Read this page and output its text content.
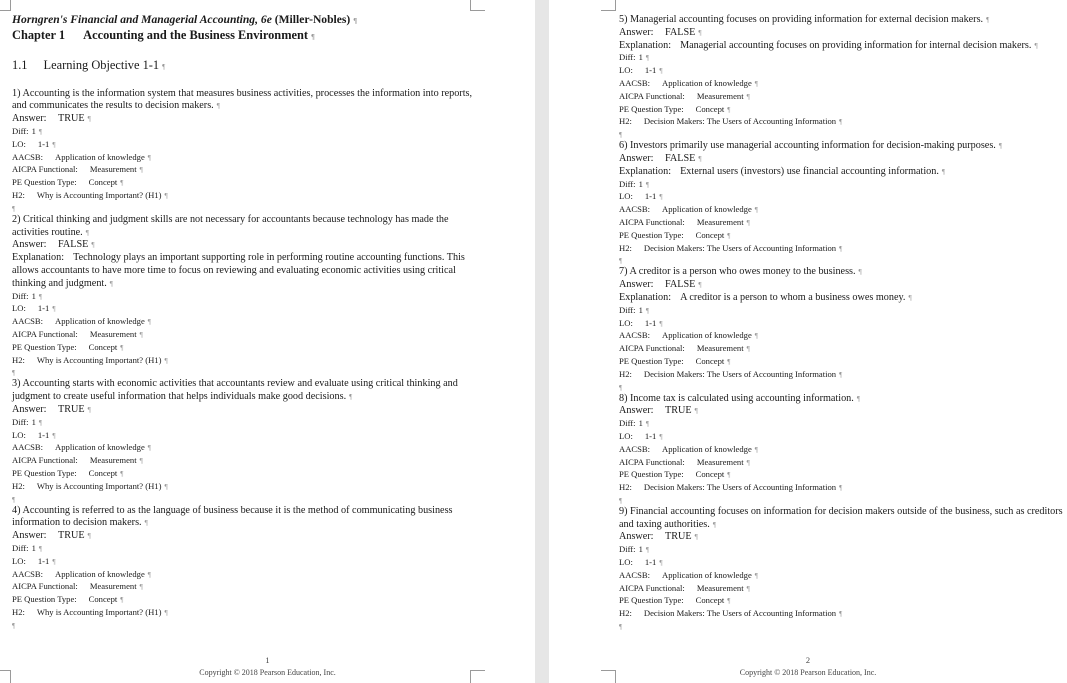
Horngren's Financial and Managerial Accounting, 6e (Miller-Nobles) ¶
Chapter 1 Accounting and the Business Environment ¶
1.1 Learning Objective 1-1 ¶
1) Accounting is the information system that measures business activities, processes the information into reports, and communicates the results to decision makers. ¶
Answer: TRUE ¶
Diff: 1 ¶
LO: 1-1 ¶
AACSB: Application of knowledge ¶
AICPA Functional: Measurement ¶
PE Question Type: Concept ¶
H2: Why is Accounting Important? (H1) ¶
¶
2) Critical thinking and judgment skills are not necessary for accountants because technology has made the activities routine. ¶
Answer: FALSE ¶
Explanation: Technology plays an important supporting role in performing routine accounting functions. This allows accountants to have more time to focus on reviewing and evaluating economic activities using critical thinking and judgment. ¶
Diff: 1 ¶
LO: 1-1 ¶
AACSB: Application of knowledge ¶
AICPA Functional: Measurement ¶
PE Question Type: Concept ¶
H2: Why is Accounting Important? (H1) ¶
¶
3) Accounting starts with economic activities that accountants review and evaluate using critical thinking and judgment to create useful information that helps individuals make good decisions. ¶
Answer: TRUE ¶
Diff: 1 ¶
LO: 1-1 ¶
AACSB: Application of knowledge ¶
AICPA Functional: Measurement ¶
PE Question Type: Concept ¶
H2: Why is Accounting Important? (H1) ¶
¶
4) Accounting is referred to as the language of business because it is the method of communicating business information to decision makers. ¶
Answer: TRUE ¶
Diff: 1 ¶
LO: 1-1 ¶
AACSB: Application of knowledge ¶
AICPA Functional: Measurement ¶
PE Question Type: Concept ¶
H2: Why is Accounting Important? (H1) ¶
¶
1
Copyright © 2018 Pearson Education, Inc.
5) Managerial accounting focuses on providing information for external decision makers. ¶
Answer: FALSE ¶
Explanation: Managerial accounting focuses on providing information for internal decision makers. ¶
Diff: 1 ¶
LO: 1-1 ¶
AACSB: Application of knowledge ¶
AICPA Functional: Measurement ¶
PE Question Type: Concept ¶
H2: Decision Makers: The Users of Accounting Information ¶
¶
6) Investors primarily use managerial accounting information for decision-making purposes. ¶
Answer: FALSE ¶
Explanation: External users (investors) use financial accounting information. ¶
Diff: 1 ¶
LO: 1-1 ¶
AACSB: Application of knowledge ¶
AICPA Functional: Measurement ¶
PE Question Type: Concept ¶
H2: Decision Makers: The Users of Accounting Information ¶
¶
7) A creditor is a person who owes money to the business. ¶
Answer: FALSE ¶
Explanation: A creditor is a person to whom a business owes money. ¶
Diff: 1 ¶
LO: 1-1 ¶
AACSB: Application of knowledge ¶
AICPA Functional: Measurement ¶
PE Question Type: Concept ¶
H2: Decision Makers: The Users of Accounting Information ¶
¶
8) Income tax is calculated using accounting information. ¶
Answer: TRUE ¶
Diff: 1 ¶
LO: 1-1 ¶
AACSB: Application of knowledge ¶
AICPA Functional: Measurement ¶
PE Question Type: Concept ¶
H2: Decision Makers: The Users of Accounting Information ¶
¶
9) Financial accounting focuses on information for decision makers outside of the business, such as creditors and taxing authorities. ¶
Answer: TRUE ¶
Diff: 1 ¶
LO: 1-1 ¶
AACSB: Application of knowledge ¶
AICPA Functional: Measurement ¶
PE Question Type: Concept ¶
H2: Decision Makers: The Users of Accounting Information ¶
¶
2
Copyright © 2018 Pearson Education, Inc.
